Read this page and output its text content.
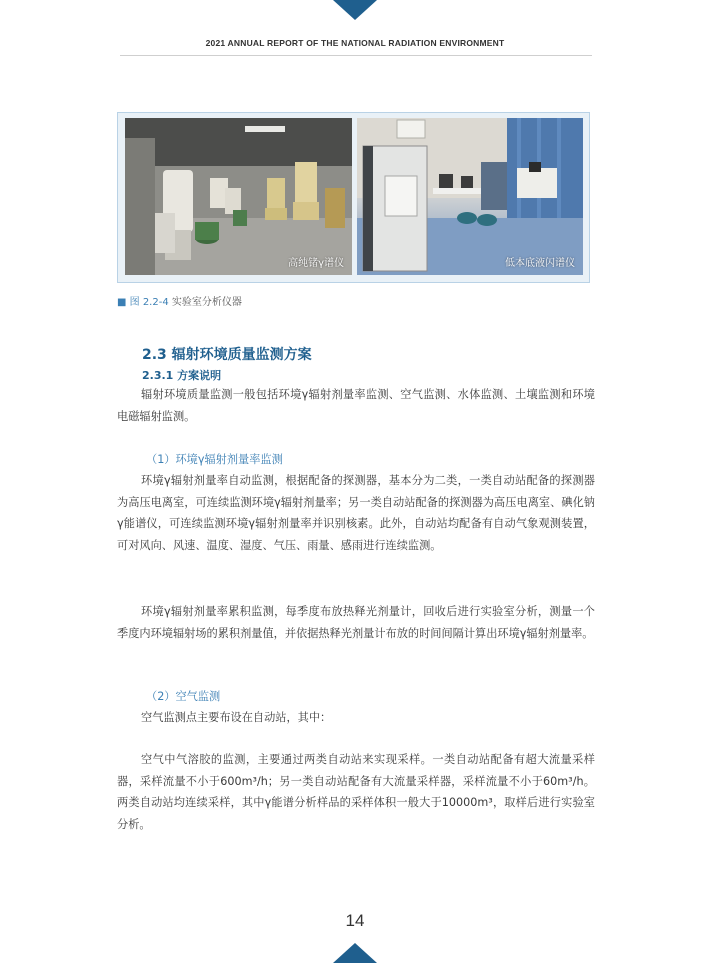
2021 ANNUAL REPORT OF THE NATIONAL RADIATION ENVIRONMENT
高纯锗γ谱仪	低本底液闪谱仪
■ 图 2.2-4 实验室分析仪器
2.3 辐射环境质量监测方案
2.3.1 方案说明

辐射环境质量监测一般包括环境γ辐射剂量率监测、空气监测、水体监测、土壤监测和环境电磁辐射监测。

（1）环境γ辐射剂量率监测

环境γ辐射剂量率自动监测，根据配备的探测器，基本分为二类，一类自动站配备的探测器为高压电离室，可连续监测环境γ辐射剂量率；另一类自动站配备的探测器为高压电离室、碘化钠γ能谱仪，可连续监测环境γ辐射剂量率并识别核素。此外，自动站均配备有自动气象观测装置，可对风向、风速、温度、湿度、气压、雨量、感雨进行连续监测。

环境γ辐射剂量率累积监测，每季度布放热释光剂量计，回收后进行实验室分析，测量一个季度内环境辐射场的累积剂量值，并依据热释光剂量计布放的时间间隔计算出环境γ辐射剂量率。

（2）空气监测

空气监测点主要布设在自动站，其中：

空气中气溶胶的监测，主要通过两类自动站来实现采样。一类自动站配备有超大流量采样器，采样流量不小于600m³/h；另一类自动站配备有大流量采样器，采样流量不小于60m³/h。两类自动站均连续采样，其中γ能谱分析样品的采样体积一般大于10000m³，取样后进行实验室分析。

14
